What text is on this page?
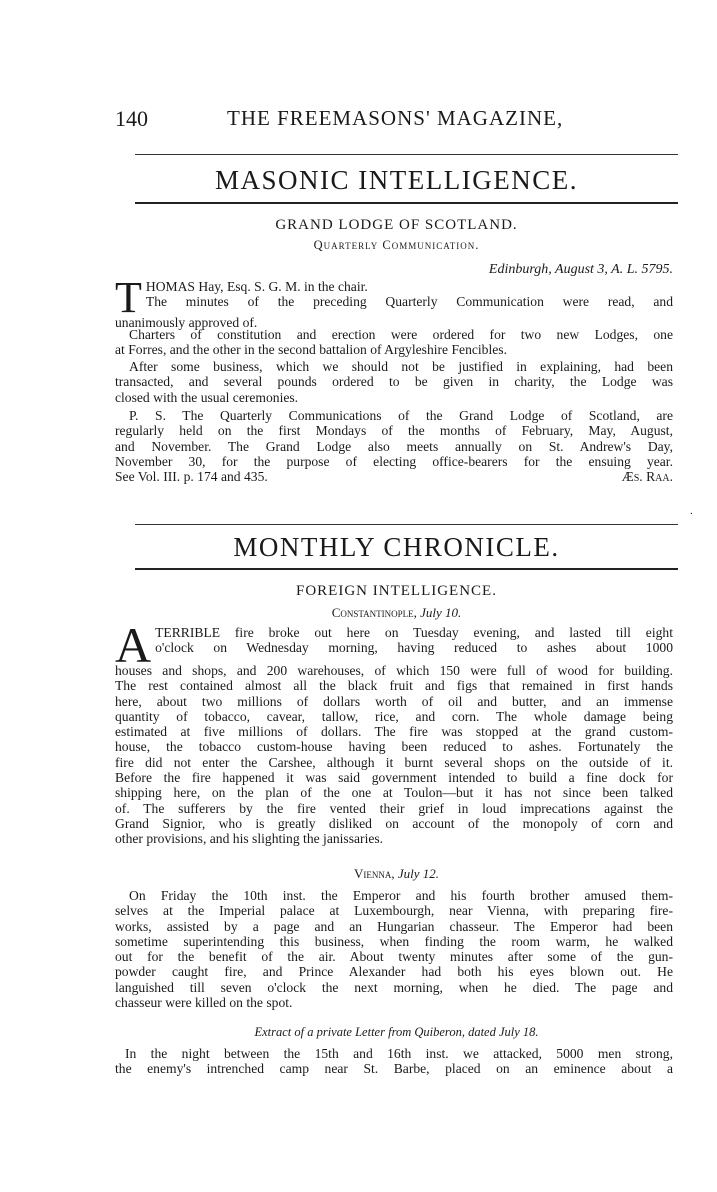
140	THE FREEMASONS' MAGAZINE,
MASONIC INTELLIGENCE.
GRAND LODGE OF SCOTLAND.
Quarterly Communication.
Edinburgh, August 3, A. L. 5795.
T HOMAS Hay, Esq. S. G. M. in the chair.
The minutes of the preceding Quarterly Communication were read, and
unanimously approved of.
Charters of constitution and erection were ordered for two new Lodges, one
at Forres, and the other in the second battalion of Argyleshire Fencibles.
After some business, which we should not be justified in explaining, had been
transacted, and several pounds ordered to be given in charity, the Lodge was
closed with the usual ceremonies.
P. S. The Quarterly Communications of the Grand Lodge of Scotland, are
regularly held on the first Mondays of the months of February, May, August,
and November. The Grand Lodge also meets annually on St. Andrew's Day,
November 30, for the purpose of electing office-bearers for the ensuing year.
See Vol. III. p. 174 and 435.	Æs. Raa.
.
MONTHLY CHRONICLE.
FOREIGN INTELLIGENCE.
Constantinople, July 10.
A TERRIBLE fire broke out here on Tuesday evening, and lasted till eight
o'clock on Wednesday morning, having reduced to ashes about 1000
houses and shops, and 200 warehouses, of which 150 were full of wood for building.
The rest contained almost all the black fruit and figs that remained in first hands
here, about two millions of dollars worth of oil and butter, and an immense
quantity of tobacco, cavear, tallow, rice, and corn. The whole damage being
estimated at five millions of dollars. The fire was stopped at the grand custom-
house, the tobacco custom-house having been reduced to ashes. Fortunately the
fire did not enter the Carshee, although it burnt several shops on the outside of it.
Before the fire happened it was said government intended to build a fine dock for
shipping here, on the plan of the one at Toulon—but it has not since been talked
of. The sufferers by the fire vented their grief in loud imprecations against the
Grand Signior, who is greatly disliked on account of the monopoly of corn and
other provisions, and his slighting the janissaries.
Vienna, July 12.
On Friday the 10th inst. the Emperor and his fourth brother amused them-
selves at the Imperial palace at Luxembourgh, near Vienna, with preparing fire-
works, assisted by a page and an Hungarian chasseur. The Emperor had been
sometime superintending this business, when finding the room warm, he walked
out for the benefit of the air. About twenty minutes after some of the gun-
powder caught fire, and Prince Alexander had both his eyes blown out. He
languished till seven o'clock the next morning, when he died. The page and
chasseur were killed on the spot.
Extract of a private Letter from Quiberon, dated July 18.
In the night between the 15th and 16th inst. we attacked, 5000 men strong,
the enemy's intrenched camp near St. Barbe, placed on an eminence about a
